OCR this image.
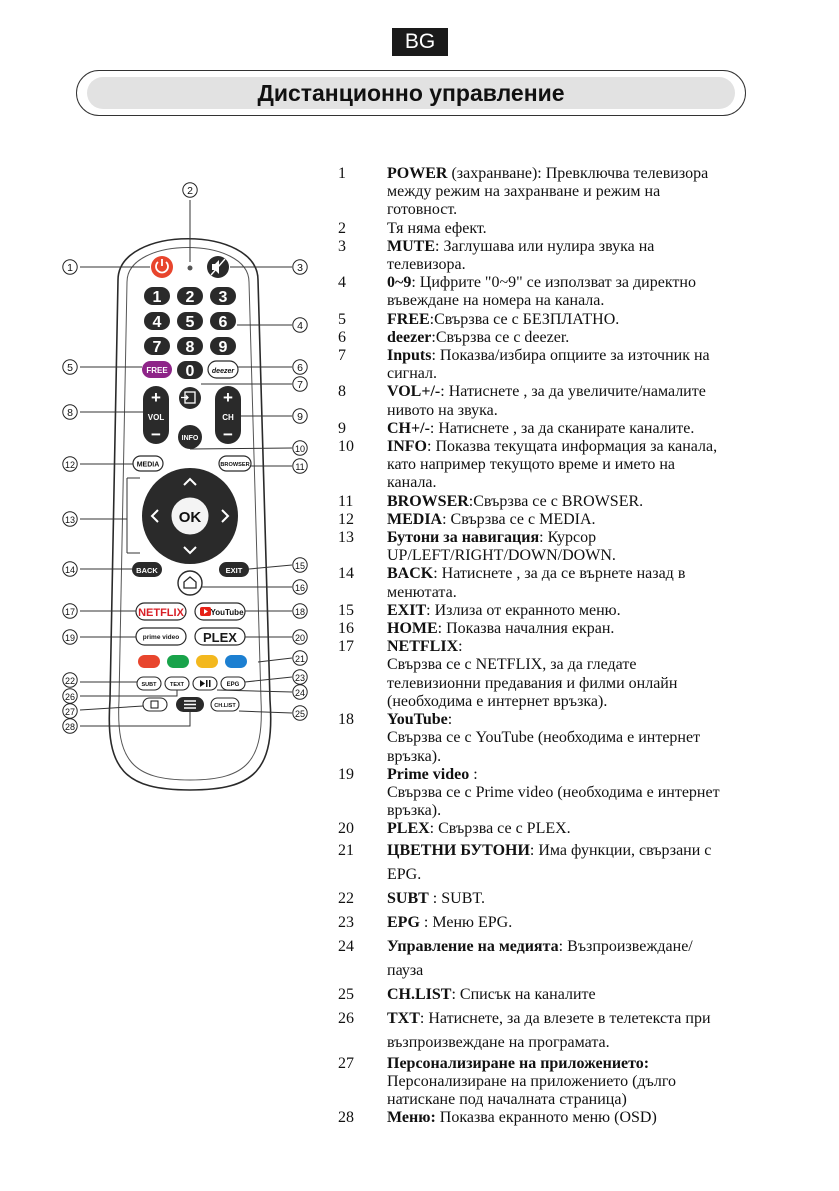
BG
Дистанционно управление
1 2 3
4 5 6
7 8 9
0
FREE	deezer
+
VOL
−
+
CH
−
INFO
MEDIA	BROWSER
OK
BACK	EXIT
NETFLIX	YouTube
prime video PLEX
SUBT TEXT	EPG
CH.LIST
1
2
3
4
5	6
7
8	9
10
11
12
13
14	15
16
17	18
19	20
21
22	23
24
25
26
27
28
1	POWER (захранване): Превключва телевизора
между режим на захранване и режим на
готовност.
2	Тя няма ефект.
3	MUTE: Заглушава или нулира звука на
телевизора.
4	0~9: Цифрите "0~9" се използват за директно
въвеждане на номера на канала.
5	FREE:Свързва се с БЕЗПЛАТНО.
6	deezer:Свързва се с deezer.
7	Inputs: Показва/избира опциите за източник на
сигнал.
8	VOL+/-: Натиснете , за да увеличите/намалите
нивото на звука.
9	CH+/-: Натиснете , за да сканирате каналите.
10	INFO: Показва текущата информация за канала,
като например текущото време и името на
канала.
11	BROWSER:Свързва се с BROWSER.
12	MEDIA: Свързва се с MEDIA.
13	Бутони за навигация: Курсор
UP/LEFT/RIGHT/DOWN/DOWN.
14	BACK: Натиснете , за да се върнете назад в
менютата.
15	EXIT: Излиза от екранното меню.
16	HOME: Показва началния екран.
17	NETFLIX:
Свързва се с NETFLIX, за да гледате
телевизионни предавания и филми онлайн
(необходима е интернет връзка).
18	YouTube:
Свързва се с YouTube (необходима е интернет
връзка).
19	Prime video :
Свързва се с Prime video (необходима е интернет
връзка).
20	PLEX: Свързва се с PLEX.
21	ЦВЕТНИ БУТОНИ: Има функции, свързани с
EPG.
22	SUBT : SUBT.
23	EPG : Меню EPG.
24	Управление на медията: Възпроизвеждане/
пауза
25	CH.LIST: Списък на каналите
26	TXT: Натиснете, за да влезете в телетекста при
възпроизвеждане на програмата.
27	Персонализиране на приложението:
Персонализиране на приложението (дълго
натискане под началната страница)
28	Меню: Показва екранното меню (OSD)
